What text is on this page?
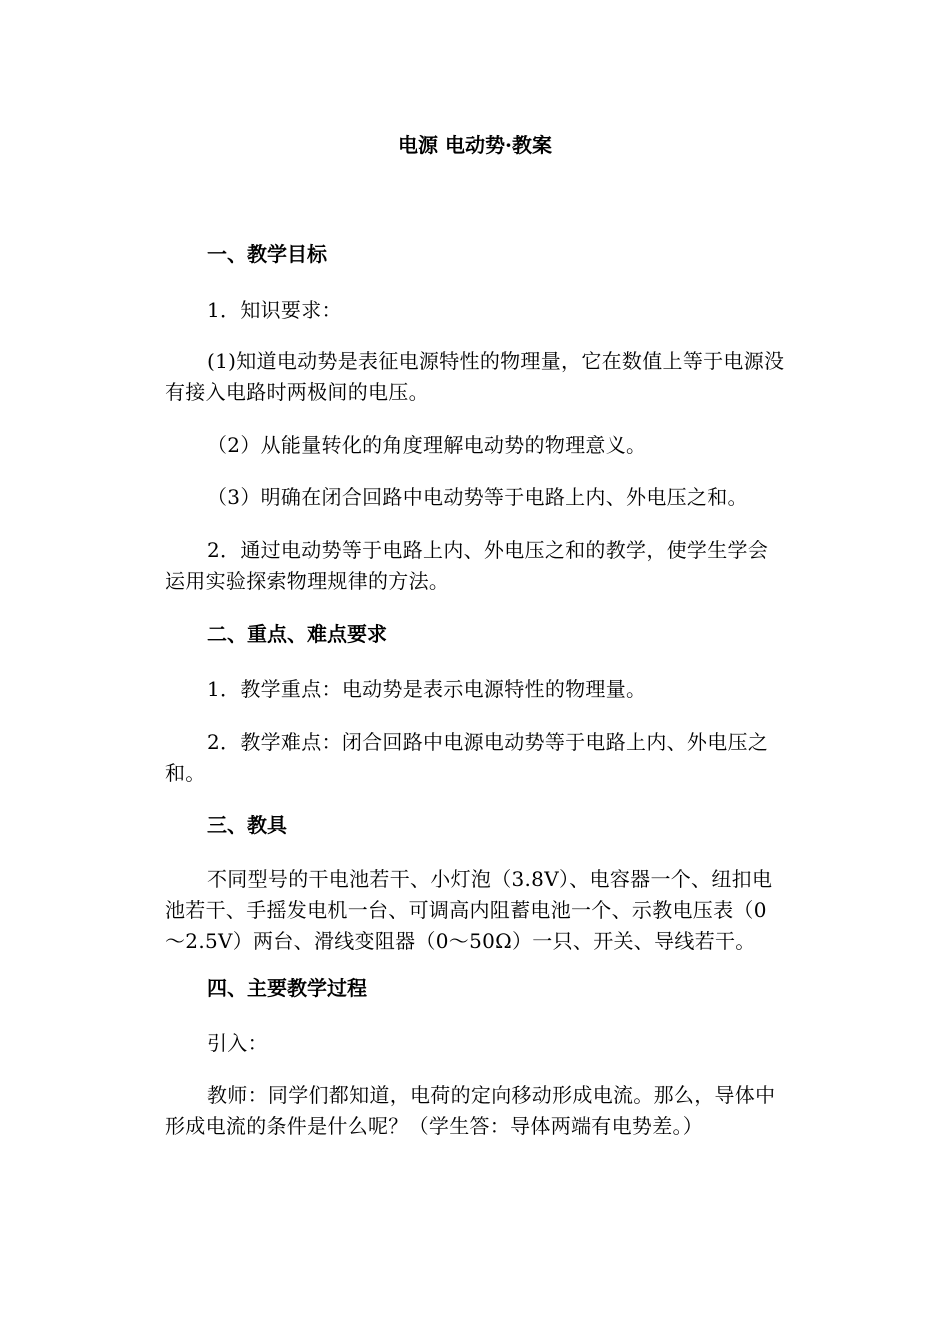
电源 电动势·教案
一、教学目标
1．知识要求：
(1)知道电动势是表征电源特性的物理量，它在数值上等于电源没有接入电路时两极间的电压。
（2）从能量转化的角度理解电动势的物理意义。
（3）明确在闭合回路中电动势等于电路上内、外电压之和。
2．通过电动势等于电路上内、外电压之和的教学，使学生学会运用实验探索物理规律的方法。
二、重点、难点要求
1．教学重点：电动势是表示电源特性的物理量。
2．教学难点：闭合回路中电源电动势等于电路上内、外电压之和。
三、教具
不同型号的干电池若干、小灯泡（3.8V）、电容器一个、纽扣电池若干、手摇发电机一台、可调高内阻蓄电池一个、示教电压表（0～2.5V）两台、滑线变阻器（0～50Ω）一只、开关、导线若干。
四、主要教学过程
引入：
教师：同学们都知道，电荷的定向移动形成电流。那么，导体中形成电流的条件是什么呢？（学生答：导体两端有电势差。）
